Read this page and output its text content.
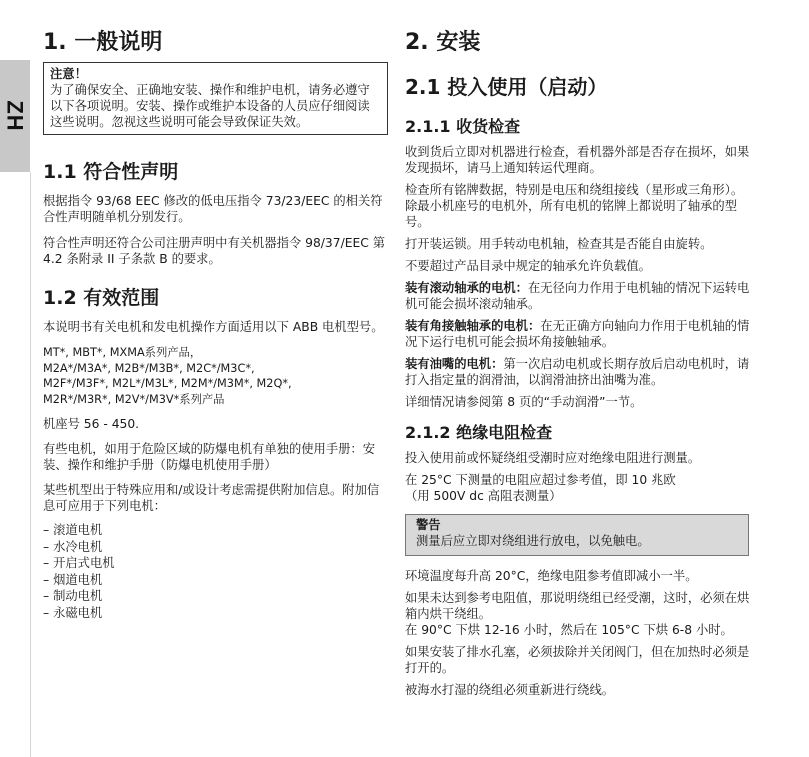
ZH
1. 一般说明
注意！

为了确保安全、正确地安装、操作和维护电机，请务必遵守以下各项说明。安装、操作或维护本设备的人员应仔细阅读这些说明。忽视这些说明可能会导致保证失效。

1.1 符合性声明

根据指令 93/68 EEC 修改的低电压指令 73/23/EEC 的相关符合性声明随单机分别发行。

符合性声明还符合公司注册声明中有关机器指令 98/37/EEC 第 4.2 条附录 II 子条款 B 的要求。

1.2 有效范围

本说明书有关电机和发电机操作方面适用以下 ABB 电机型号。

MT*, MBT*, MXMA系列产品，

M2A*/M3A*, M2B*/M3B*, M2C*/M3C*,

M2F*/M3F*, M2L*/M3L*, M2M*/M3M*, M2Q*,

M2R*/M3R*, M2V*/M3V*系列产品

机座号 56 - 450.

有些电机，如用于危险区域的防爆电机有单独的使用手册：安装、操作和维护手册（防爆电机使用手册）

某些机型出于特殊应用和/或设计考虑需提供附加信息。附加信息可应用于下列电机：

– 滚道电机
– 水冷电机
– 开启式电机
– 烟道电机
– 制动电机
– 永磁电机
2. 安装
2.1 投入使用（启动）
2.1.1 收货检查

收到货后立即对机器进行检查，看机器外部是否存在损坏，如果发现损坏，请马上通知转运代理商。

检查所有铭牌数据，特别是电压和绕组接线（星形或三角形）。除最小机座号的电机外，所有电机的铭牌上都说明了轴承的型号。

打开装运锁。用手转动电机轴，检查其是否能自由旋转。

不要超过产品目录中规定的轴承允许负载值。

装有滚动轴承的电机：在无径向力作用于电机轴的情况下运转电机可能会损坏滚动轴承。

装有角接触轴承的电机：在无正确方向轴向力作用于电机轴的情况下运行电机可能会损坏角接触轴承。

装有油嘴的电机：第一次启动电机或长期存放后启动电机时，请打入指定量的润滑油，以润滑油挤出油嘴为准。

详细情况请参阅第 8 页的“手动润滑”一节。

2.1.2 绝缘电阻检查

投入使用前或怀疑绕组受潮时应对绝缘电阻进行测量。

在 25°C 下测量的电阻应超过参考值，即 10 兆欧

（用 500V dc 高阻表测量）

警告

测量后应立即对绕组进行放电，以免触电。

环境温度每升高 20°C，绝缘电阻参考值即减小一半。

如果未达到参考电阻值，那说明绕组已经受潮，这时，必须在烘箱内烘干绕组。

在 90°C 下烘 12-16 小时，然后在 105°C 下烘 6-8 小时。

如果安装了排水孔塞，必须拔除并关闭阀门，但在加热时必须是打开的。

被海水打湿的绕组必须重新进行绕线。
